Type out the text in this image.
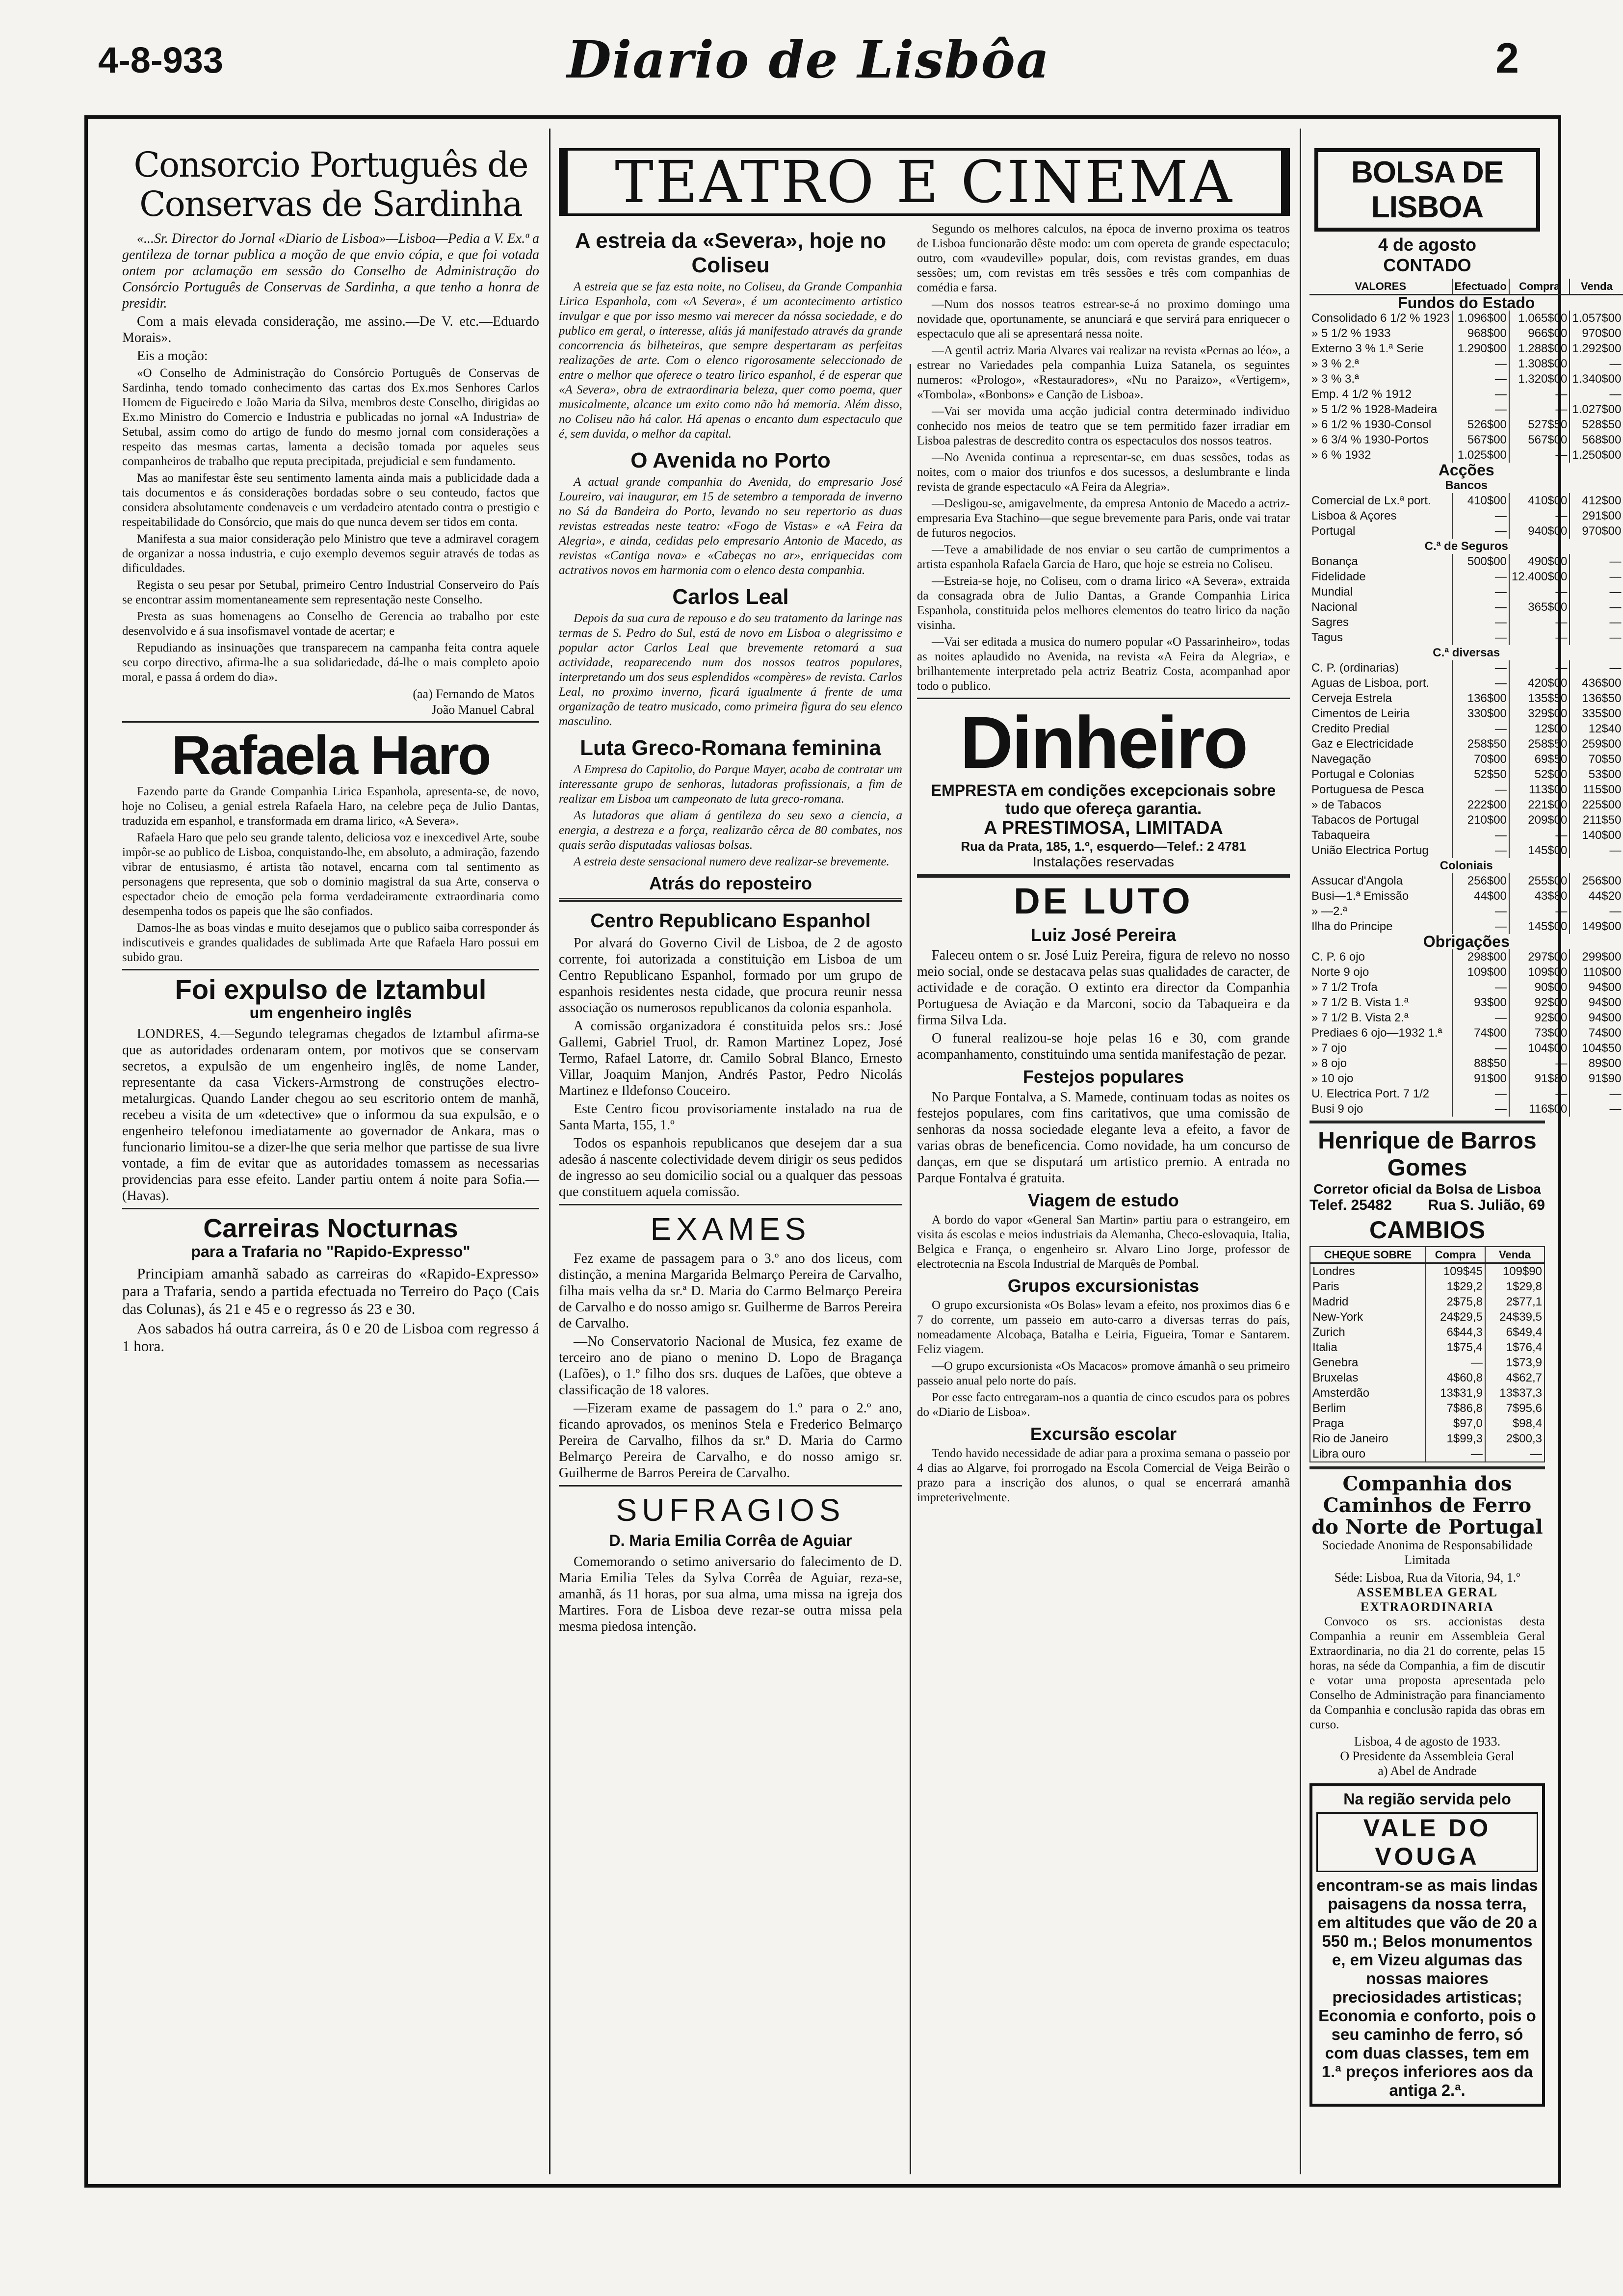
4-8-933	Diario de Lisbôa	2
Consorcio Português de Conservas de Sardinha

«...Sr. Director do Jornal «Diario de Lisboa»—Lisboa—Pedia a V. Ex.ª a gentileza de tornar publica a moção de que envio cópia, e que foi votada ontem por aclamação em sessão do Conselho de Administração do Consórcio Português de Conservas de Sardinha, a que tenho a honra de presidir.

Com a mais elevada consideração, me assino.—De V. etc.—Eduardo Morais».

Eis a moção:

«O Conselho de Administração do Consórcio Português de Conservas de Sardinha, tendo tomado conhecimento das cartas dos Ex.mos Senhores Carlos Homem de Figueiredo e João Maria da Silva, membros deste Conselho, dirigidas ao Ex.mo Ministro do Comercio e Industria e publicadas no jornal «A Industria» de Setubal, assim como do artigo de fundo do mesmo jornal com considerações a respeito das mesmas cartas, lamenta a decisão tomada por aqueles seus companheiros de trabalho que reputa precipitada, prejudicial e sem fundamento.

Mas ao manifestar êste seu sentimento lamenta ainda mais a publicidade dada a tais documentos e ás considerações bordadas sobre o seu conteudo, factos que considera absolutamente condenaveis e um verdadeiro atentado contra o prestigio e respeitabilidade do Consórcio, que mais do que nunca devem ser tidos em conta.

Manifesta a sua maior consideração pelo Ministro que teve a admiravel coragem de organizar a nossa industria, e cujo exemplo devemos seguir através de todas as dificuldades.

Regista o seu pesar por Setubal, primeiro Centro Industrial Conserveiro do País se encontrar assim momentaneamente sem representação neste Conselho.

Presta as suas homenagens ao Conselho de Gerencia ao trabalho por este desenvolvido e á sua insofismavel vontade de acertar; e

Repudiando as insinuações que transparecem na campanha feita contra aquele seu corpo directivo, afirma-lhe a sua solidariedade, dá-lhe o mais completo apoio moral, e passa á ordem do dia».

(aa) Fernando de Matos
João Manuel Cabral
Rafaela Haro

Fazendo parte da Grande Companhia Lirica Espanhola, apresenta-se, de novo, hoje no Coliseu, a genial estrela Rafaela Haro, na celebre peça de Julio Dantas, traduzida em espanhol, e transformada em drama lirico, «A Severa».

Rafaela Haro que pelo seu grande talento, deliciosa voz e inexcedivel Arte, soube impôr-se ao publico de Lisboa, conquistando-lhe, em absoluto, a admiração, fazendo vibrar de entusiasmo, é artista tão notavel, encarna com tal sentimento as personagens que representa, que sob o dominio magistral da sua Arte, conserva o espectador cheio de emoção pela forma verdadeiramente extraordinaria como desempenha todos os papeis que lhe são confiados.

Damos-lhe as boas vindas e muito desejamos que o publico saiba corresponder ás indiscutiveis e grandes qualidades de sublimada Arte que Rafaela Haro possui em subido grau.

Foi expulso de Iztambul
um engenheiro inglês

LONDRES, 4.—Segundo telegramas chegados de Iztambul afirma-se que as autoridades ordenaram ontem, por motivos que se conservam secretos, a expulsão de um engenheiro inglês, de nome Lander, representante da casa Vickers-Armstrong de construções electro-metalurgicas. Quando Lander chegou ao seu escritorio ontem de manhã, recebeu a visita de um «detective» que o informou da sua expulsão, e o engenheiro telefonou imediatamente ao governador de Ankara, mas o funcionario limitou-se a dizer-lhe que seria melhor que partisse de sua livre vontade, a fim de evitar que as autoridades tomassem as necessarias providencias para esse efeito. Lander partiu ontem á noite para Sofia.—(Havas).

Carreiras Nocturnas
para a Trafaria no "Rapido-Expresso"

Principiam amanhã sabado as carreiras do «Rapido-Expresso» para a Trafaria, sendo a partida efectuada no Terreiro do Paço (Cais das Colunas), ás 21 e 45 e o regresso ás 23 e 30.

Aos sabados há outra carreira, ás 0 e 20 de Lisboa com regresso á 1 hora.

TEATRO E CINEMA
A estreia da «Severa», hoje no Coliseu

A estreia que se faz esta noite, no Coliseu, da Grande Companhia Lirica Espanhola, com «A Severa», é um acontecimento artistico invulgar e que por isso mesmo vai merecer da nóssa sociedade, e do publico em geral, o interesse, aliás já manifestado através da grande concorrencia ás bilheteiras, que sempre despertaram as perfeitas realizações de arte. Com o elenco rigorosamente seleccionado de entre o melhor que oferece o teatro lirico espanhol, é de esperar que «A Severa», obra de extraordinaria beleza, quer como poema, quer musicalmente, alcance um exito como não há memoria. Além disso, no Coliseu não há calor. Há apenas o encanto dum espectaculo que é, sem duvida, o melhor da capital.

O Avenida no Porto

A actual grande companhia do Avenida, do empresario José Loureiro, vai inaugurar, em 15 de setembro a temporada de inverno no Sá da Bandeira do Porto, levando no seu repertorio as duas revistas estreadas neste teatro: «Fogo de Vistas» e «A Feira da Alegria», e ainda, cedidas pelo empresario Antonio de Macedo, as revistas «Cantiga nova» e «Cabeças no ar», enriquecidas com actrativos novos em harmonia com o elenco desta companhia.

Carlos Leal

Depois da sua cura de repouso e do seu tratamento da laringe nas termas de S. Pedro do Sul, está de novo em Lisboa o alegrissimo e popular actor Carlos Leal que brevemente retomará a sua actividade, reaparecendo num dos nossos teatros populares, interpretando um dos seus esplendidos «compères» de revista. Carlos Leal, no proximo inverno, ficará igualmente á frente de uma organização de teatro musicado, como primeira figura do seu elenco masculino.

Luta Greco-Romana feminina

A Empresa do Capitolio, do Parque Mayer, acaba de contratar um interessante grupo de senhoras, lutadoras profissionais, a fim de realizar em Lisboa um campeonato de luta greco-romana.

As lutadoras que aliam á gentileza do seu sexo a ciencia, a energia, a destreza e a força, realizarão cêrca de 80 combates, nos quais serão disputadas valiosas bolsas.

A estreia deste sensacional numero deve realizar-se brevemente.

Atrás do reposteiro
Centro Republicano Espanhol

Por alvará do Governo Civil de Lisboa, de 2 de agosto corrente, foi autorizada a constituição em Lisboa de um Centro Republicano Espanhol, formado por um grupo de espanhois residentes nesta cidade, que procura reunir nessa associação os numerosos republicanos da colonia espanhola.

A comissão organizadora é constituida pelos srs.: José Gallemi, Gabriel Truol, dr. Ramon Martinez Lopez, José Termo, Rafael Latorre, dr. Camilo Sobral Blanco, Ernesto Villar, Joaquim Manjon, Andrés Pastor, Pedro Nicolás Martinez e Ildefonso Couceiro.

Este Centro ficou provisoriamente instalado na rua de Santa Marta, 155, 1.º

Todos os espanhois republicanos que desejem dar a sua adesão á nascente colectividade devem dirigir os seus pedidos de ingresso ao seu domicilio social ou a qualquer das pessoas que constituem aquela comissão.

EXAMES

Fez exame de passagem para o 3.º ano dos liceus, com distinção, a menina Margarida Belmarço Pereira de Carvalho, filha mais velha da sr.ª D. Maria do Carmo Belmarço Pereira de Carvalho e do nosso amigo sr. Guilherme de Barros Pereira de Carvalho.

—No Conservatorio Nacional de Musica, fez exame de terceiro ano de piano o menino D. Lopo de Bragança (Lafões), o 1.º filho dos srs. duques de Lafões, que obteve a classificação de 18 valores.

—Fizeram exame de passagem do 1.º para o 2.º ano, ficando aprovados, os meninos Stela e Frederico Belmarço Pereira de Carvalho, filhos da sr.ª D. Maria do Carmo Belmarço Pereira de Carvalho, e do nosso amigo sr. Guilherme de Barros Pereira de Carvalho.

SUFRAGIOS
D. Maria Emilia Corrêa de Aguiar

Comemorando o setimo aniversario do falecimento de D. Maria Emilia Teles da Sylva Corrêa de Aguiar, reza-se, amanhã, ás 11 horas, por sua alma, uma missa na igreja dos Martires. Fora de Lisboa deve rezar-se outra missa pela mesma piedosa intenção.

Segundo os melhores calculos, na época de inverno proxima os teatros de Lisboa funcionarão dêste modo: um com opereta de grande espectaculo; outro, com «vaudeville» popular, dois, com revistas grandes, em duas sessões; um, com revistas em três sessões e três com companhias de comédia e farsa.

—Num dos nossos teatros estrear-se-á no proximo domingo uma novidade que, oportunamente, se anunciará e que servirá para enriquecer o espectaculo que ali se apresentará nessa noite.

—A gentil actriz Maria Alvares vai realizar na revista «Pernas ao léo», a estrear no Variedades pela companhia Luiza Satanela, os seguintes numeros: «Prologo», «Restauradores», «Nu no Paraizo», «Vertigem», «Tombola», «Bonbons» e Canção de Lisboa».

—Vai ser movida uma acção judicial contra determinado individuo conhecido nos meios de teatro que se tem permitido fazer irradiar em Lisboa palestras de descredito contra os espectaculos dos nossos teatros.

—No Avenida continua a representar-se, em duas sessões, todas as noites, com o maior dos triunfos e dos sucessos, a deslumbrante e linda revista de grande espectaculo «A Feira da Alegria».

—Desligou-se, amigavelmente, da empresa Antonio de Macedo a actriz-empresaria Eva Stachino—que segue brevemente para Paris, onde vai tratar de futuros negocios.

—Teve a amabilidade de nos enviar o seu cartão de cumprimentos a artista espanhola Rafaela Garcia de Haro, que hoje se estreia no Coliseu.

—Estreia-se hoje, no Coliseu, com o drama lirico «A Severa», extraida da consagrada obra de Julio Dantas, a Grande Companhia Lirica Espanhola, constituida pelos melhores elementos do teatro lirico da nação visinha.

—Vai ser editada a musica do numero popular «O Passarinheiro», todas as noites aplaudido no Avenida, na revista «A Feira da Alegria», e brilhantemente interpretado pela actriz Beatriz Costa, acompanhad apor todo o publico.

Dinheiro
EMPRESTA em condições excepcionais sobre tudo que ofereça garantia.
A PRESTIMOSA, LIMITADA
Rua da Prata, 185, 1.º, esquerdo—Telef.: 2 4781
Instalações reservadas
DE LUTO
Luiz José Pereira

Faleceu ontem o sr. José Luiz Pereira, figura de relevo no nosso meio social, onde se destacava pelas suas qualidades de caracter, de actividade e de coração. O extinto era director da Companhia Portuguesa de Aviação e da Marconi, socio da Tabaqueira e da firma Silva Lda.

O funeral realizou-se hoje pelas 16 e 30, com grande acompanhamento, constituindo uma sentida manifestação de pezar.

Festejos populares

No Parque Fontalva, a S. Mamede, continuam todas as noites os festejos populares, com fins caritativos, que uma comissão de senhoras da nossa sociedade elegante leva a efeito, a favor de varias obras de beneficencia. Como novidade, ha um concurso de danças, em que se disputará um artistico premio. A entrada no Parque Fontalva é gratuita.

Viagem de estudo

A bordo do vapor «General San Martin» partiu para o estrangeiro, em visita ás escolas e meios industriais da Alemanha, Checo-eslovaquia, Italia, Belgica e França, o engenheiro sr. Alvaro Lino Jorge, professor de electrotecnia na Escola Industrial de Marquês de Pombal.

Grupos excursionistas

O grupo excursionista «Os Bolas» levam a efeito, nos proximos dias 6 e 7 do corrente, um passeio em auto-carro a diversas terras do país, nomeadamente Alcobaça, Batalha e Leiria, Figueira, Tomar e Santarem. Feliz viagem.

—O grupo excursionista «Os Macacos» promove ámanhã o seu primeiro passeio anual pelo norte do país.

Por esse facto entregaram-nos a quantia de cinco escudos para os pobres do «Diario de Lisboa».

Excursão escolar

Tendo havido necessidade de adiar para a proxima semana o passeio por 4 dias ao Algarve, foi prorrogado na Escola Comercial de Veiga Beirão o prazo para a inscrição dos alunos, o qual se encerrará amanhã impreterivelmente.

BOLSA DE LISBOA
4 de agosto
CONTADO
VALORES	Efectuado	Compra	Venda
Fundos do Estado			
Consolidado 6 1/2 % 1923	1.096$00	1.065$00	1.057$00
» 5 1/2 % 1933	968$00	966$00	970$00
Externo 3 % 1.ª Serie	1.290$00	1.288$00	1.292$00
» 3 % 2.ª	—	1.308$00	—
» 3 % 3.ª	—	1.320$00	1.340$00
Emp. 4 1/2 % 1912	—	—	—
» 5 1/2 % 1928-Madeira	—	—	1.027$00
» 6 1/2 % 1930-Consol	526$00	527$50	528$50
» 6 3/4 % 1930-Portos	567$00	567$00	568$00
» 6 % 1932	1.025$00	—	1.250$00
Acções			
Bancos			
Comercial de Lx.ª port.	410$00	410$00	412$00
Lisboa & Açores	—	—	291$00
Portugal	—	940$00	970$00
C.ª de Seguros			
Bonança	500$00	490$00	—
Fidelidade	—	12.400$00	—
Mundial	—	—	—
Nacional	—	365$00	—
Sagres	—	—	—
Tagus	—	—	—
C.ª diversas			
C. P. (ordinarias)	—	—	—
Aguas de Lisboa, port.	—	420$00	436$00
Cerveja Estrela	136$00	135$50	136$50
Cimentos de Leiria	330$00	329$00	335$00
Credito Predial	—	12$00	12$40
Gaz e Electricidade	258$50	258$50	259$00
Navegação	70$00	69$50	70$50
Portugal e Colonias	52$50	52$00	53$00
Portuguesa de Pesca	—	113$00	115$00
» de Tabacos	222$00	221$00	225$00
Tabacos de Portugal	210$00	209$00	211$50
Tabaqueira	—	—	140$00
União Electrica Portug	—	145$00	—
Coloniais			
Assucar d'Angola	256$00	255$00	256$00
Busi—1.ª Emissão	44$00	43$80	44$20
» —2.ª	—	—	—
Ilha do Principe	—	145$00	149$00
Obrigações			
C. P. 6 ojo	298$00	297$00	299$00
Norte 9 ojo	109$00	109$00	110$00
» 7 1/2 Trofa	—	90$00	94$00
» 7 1/2 B. Vista 1.ª	93$00	92$00	94$00
» 7 1/2 B. Vista 2.ª	—	92$00	94$00
Prediaes 6 ojo—1932 1.ª	74$00	73$00	74$00
» 7 ojo	—	104$00	104$50
» 8 ojo	88$50	—	89$00
» 10 ojo	91$00	91$80	91$90
U. Electrica Port. 7 1/2	—	—	—
Busi 9 ojo	—	116$00	—
Henrique de Barros Gomes
Corretor oficial da Bolsa de Lisboa
Telef. 25482 Rua S. Julião, 69
CAMBIOS
CHEQUE SOBRE	Compra	Venda
Londres	109$45	109$90
Paris	1$29,2	1$29,8
Madrid	2$75,8	2$77,1
New-York	24$29,5	24$39,5
Zurich	6$44,3	6$49,4
Italia	1$75,4	1$76,4
Genebra	—	1$73,9
Bruxelas	4$60,8	4$62,7
Amsterdão	13$31,9	13$37,3
Berlim	7$86,8	7$95,6
Praga	$97,0	$98,4
Rio de Janeiro	1$99,3	2$00,3
Libra ouro	—	—
Companhia dos Caminhos de Ferro do Norte de Portugal
Sociedade Anonima de Responsabilidade Limitada
Séde: Lisboa, Rua da Vitoria, 94, 1.º
ASSEMBLEA GERAL EXTRAORDINARIA

Convoco os srs. accionistas desta Companhia a reunir em Assembleia Geral Extraordinaria, no dia 21 do corrente, pelas 15 horas, na séde da Companhia, a fim de discutir e votar uma proposta apresentada pelo Conselho de Administração para financiamento da Companhia e conclusão rapida das obras em curso.

Lisboa, 4 de agosto de 1933.
O Presidente da Assembleia Geral
a) Abel de Andrade
Na região servida pelo
VALE DO VOUGA
encontram-se as mais lindas paisagens da nossa terra, em altitudes que vão de 20 a 550 m.; Belos monumentos e, em Vizeu algumas das nossas maiores preciosidades artisticas; Economia e conforto, pois o seu caminho de ferro, só com duas classes, tem em 1.ª preços inferiores aos da antiga 2.ª.
